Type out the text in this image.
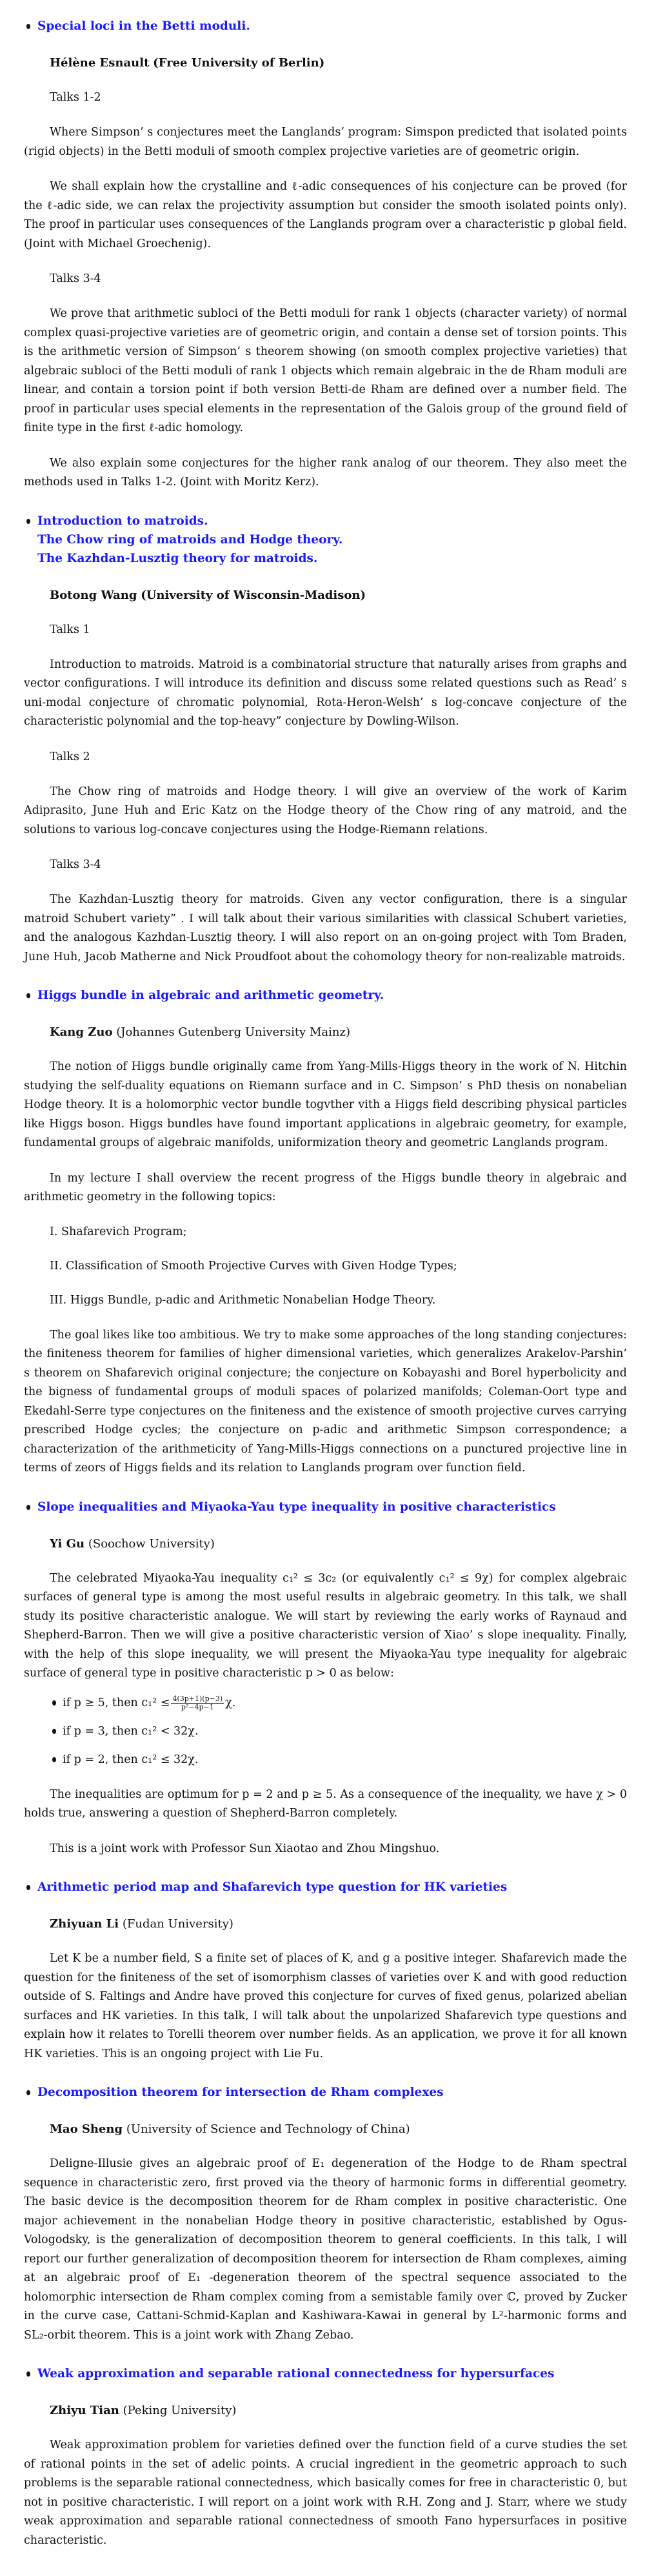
Special loci in the Betti moduli.
Hélène Esnault (Free University of Berlin)
Talks 1-2

Where Simpson’ s conjectures meet the Langlands’ program: Simspon predicted that isolated points (rigid objects) in the Betti moduli of smooth complex projective varieties are of geometric origin.

We shall explain how the crystalline and ℓ-adic consequences of his conjecture can be proved (for the ℓ-adic side, we can relax the projectivity assumption but consider the smooth isolated points only). The proof in particular uses consequences of the Langlands program over a characteristic p global field. (Joint with Michael Groechenig).

Talks 3-4

We prove that arithmetic subloci of the Betti moduli for rank 1 objects (character variety) of normal complex quasi-projective varieties are of geometric origin, and contain a dense set of torsion points. This is the arithmetic version of Simpson’ s theorem showing (on smooth complex projective varieties) that algebraic subloci of the Betti moduli of rank 1 objects which remain algebraic in the de Rham moduli are linear, and contain a torsion point if both version Betti-de Rham are defined over a number field. The proof in particular uses special elements in the representation of the Galois group of the ground field of finite type in the first ℓ-adic homology.

We also explain some conjectures for the higher rank analog of our theorem. They also meet the methods used in Talks 1-2. (Joint with Moritz Kerz).

Introduction to matroids.
The Chow ring of matroids and Hodge theory.
The Kazhdan-Lusztig theory for matroids.
Botong Wang (University of Wisconsin-Madison)
Talks 1

Introduction to matroids. Matroid is a combinatorial structure that naturally arises from graphs and vector configurations. I will introduce its definition and discuss some related questions such as Read’ s uni-modal conjecture of chromatic polynomial, Rota-Heron-Welsh’ s log-concave conjecture of the characteristic polynomial and the top-heavy” conjecture by Dowling-Wilson.

Talks 2

The Chow ring of matroids and Hodge theory. I will give an overview of the work of Karim Adiprasito, June Huh and Eric Katz on the Hodge theory of the Chow ring of any matroid, and the solutions to various log-concave conjectures using the Hodge-Riemann relations.

Talks 3-4

The Kazhdan-Lusztig theory for matroids. Given any vector configuration, there is a singular matroid Schubert variety” . I will talk about their various similarities with classical Schubert varieties, and the analogous Kazhdan-Lusztig theory. I will also report on an on-going project with Tom Braden, June Huh, Jacob Matherne and Nick Proudfoot about the cohomology theory for non-realizable matroids.

Higgs bundle in algebraic and arithmetic geometry.
Kang Zuo (Johannes Gutenberg University Mainz)

The notion of Higgs bundle originally came from Yang-Mills-Higgs theory in the work of N. Hitchin studying the self-duality equations on Riemann surface and in C. Simpson’ s PhD thesis on nonabelian Hodge theory. It is a holomorphic vector bundle togvther vith a Higgs field describing physical particles like Higgs boson. Higgs bundles have found important applications in algebraic geometry, for example, fundamental groups of algebraic manifolds, uniformization theory and geometric Langlands program.

In my lecture I shall overview the recent progress of the Higgs bundle theory in algebraic and arithmetic geometry in the following topics:

I. Shafarevich Program;
II. Classification of Smooth Projective Curves with Given Hodge Types;
III. Higgs Bundle, p-adic and Arithmetic Nonabelian Hodge Theory.

The goal likes like too ambitious. We try to make some approaches of the long standing conjectures: the finiteness theorem for families of higher dimensional varieties, which generalizes Arakelov-Parshin’ s theorem on Shafarevich original conjecture; the conjecture on Kobayashi and Borel hyperbolicity and the bigness of fundamental groups of moduli spaces of polarized manifolds; Coleman-Oort type and Ekedahl-Serre type conjectures on the finiteness and the existence of smooth projective curves carrying prescribed Hodge cycles; the conjecture on p-adic and arithmetic Simpson correspondence; a characterization of the arithmeticity of Yang-Mills-Higgs connections on a punctured projective line in terms of zeors of Higgs fields and its relation to Langlands program over function field.

Slope inequalities and Miyaoka-Yau type inequality in positive characteristics
Yi Gu (Soochow University)

The celebrated Miyaoka-Yau inequality c₁² ≤ 3c₂ (or equivalently c₁² ≤ 9χ) for complex algebraic surfaces of general type is among the most useful results in algebraic geometry. In this talk, we shall study its positive characteristic analogue. We will start by reviewing the early works of Raynaud and Shepherd-Barron. Then we will give a positive characteristic version of Xiao’ s slope inequality. Finally, with the help of this slope inequality, we will present the Miyaoka-Yau type inequality for algebraic surface of general type in positive characteristic p > 0 as below:

if p ≥ 5, then $c_1^2 \le \frac{4(3p+1)(p-3)}{\text{p²−4p−1}} \chi$.
if p = 3, then c₁² < 32χ.
if p = 2, then c₁² ≤ 32χ.

The inequalities are optimum for p = 2 and p ≥ 5. As a consequence of the inequality, we have χ > 0 holds true, answering a question of Shepherd-Barron completely.

This is a joint work with Professor Sun Xiaotao and Zhou Mingshuo.

Arithmetic period map and Shafarevich type question for HK varieties
Zhiyuan Li (Fudan University)

Let K be a number field, S a finite set of places of K, and g a positive integer. Shafarevich made the question for the finiteness of the set of isomorphism classes of varieties over K and with good reduction outside of S. Faltings and Andre have proved this conjecture for curves of fixed genus, polarized abelian surfaces and HK varieties. In this talk, I will talk about the unpolarized Shafarevich type questions and explain how it relates to Torelli theorem over number fields. As an application, we prove it for all known HK varieties. This is an ongoing project with Lie Fu.

Decomposition theorem for intersection de Rham complexes
Mao Sheng (University of Science and Technology of China)

Deligne-Illusie gives an algebraic proof of E₁ degeneration of the Hodge to de Rham spectral sequence in characteristic zero, first proved via the theory of harmonic forms in differential geometry. The basic device is the decomposition theorem for de Rham complex in positive characteristic. One major achievement in the nonabelian Hodge theory in positive characteristic, established by Ogus-Vologodsky, is the generalization of decomposition theorem to general coefficients. In this talk, I will report our further generalization of decomposition theorem for intersection de Rham complexes, aiming at an algebraic proof of E₁ -degeneration theorem of the spectral sequence associated to the holomorphic intersection de Rham complex coming from a semistable family over ℂ, proved by Zucker in the curve case, Cattani-Schmid-Kaplan and Kashiwara-Kawai in general by L²-harmonic forms and SL₂-orbit theorem. This is a joint work with Zhang Zebao.

Weak approximation and separable rational connectedness for hypersurfaces
Zhiyu Tian (Peking University)

Weak approximation problem for varieties defined over the function field of a curve studies the set of rational points in the set of adelic points. A crucial ingredient in the geometric approach to such problems is the separable rational connectedness, which basically comes for free in characteristic 0, but not in positive characteristic. I will report on a joint work with R.H. Zong and J. Starr, where we study weak approximation and separable rational connectedness of smooth Fano hypersurfaces in positive characteristic.
